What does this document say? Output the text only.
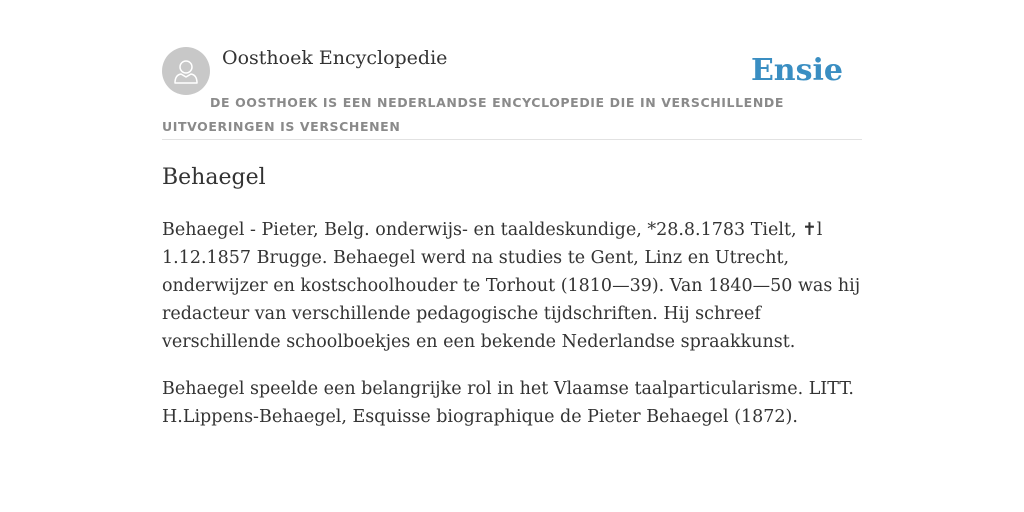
Oosthoek Encyclopedie	Ensie
DE OOSTHOEK IS EEN NEDERLANDSE ENCYCLOPEDIE DIE IN VERSCHILLENDE UITVOERINGEN IS VERSCHENEN
Behaegel

Behaegel - Pieter, Belg. onderwijs- en taaldeskundige, *28.8.1783 Tielt, ✝l 1.12.1857 Brugge. Behaegel werd na studies te Gent, Linz en Utrecht, onderwijzer en kostschoolhouder te Torhout (1810—39). Van 1840—50 was hij redacteur van verschillende pedagogische tijdschriften. Hij schreef verschillende schoolboekjes en een bekende Nederlandse spraakkunst.

Behaegel speelde een belangrijke rol in het Vlaamse taalparticularisme. LITT. H.Lippens-Behaegel, Esquisse biographique de Pieter Behaegel (1872).
